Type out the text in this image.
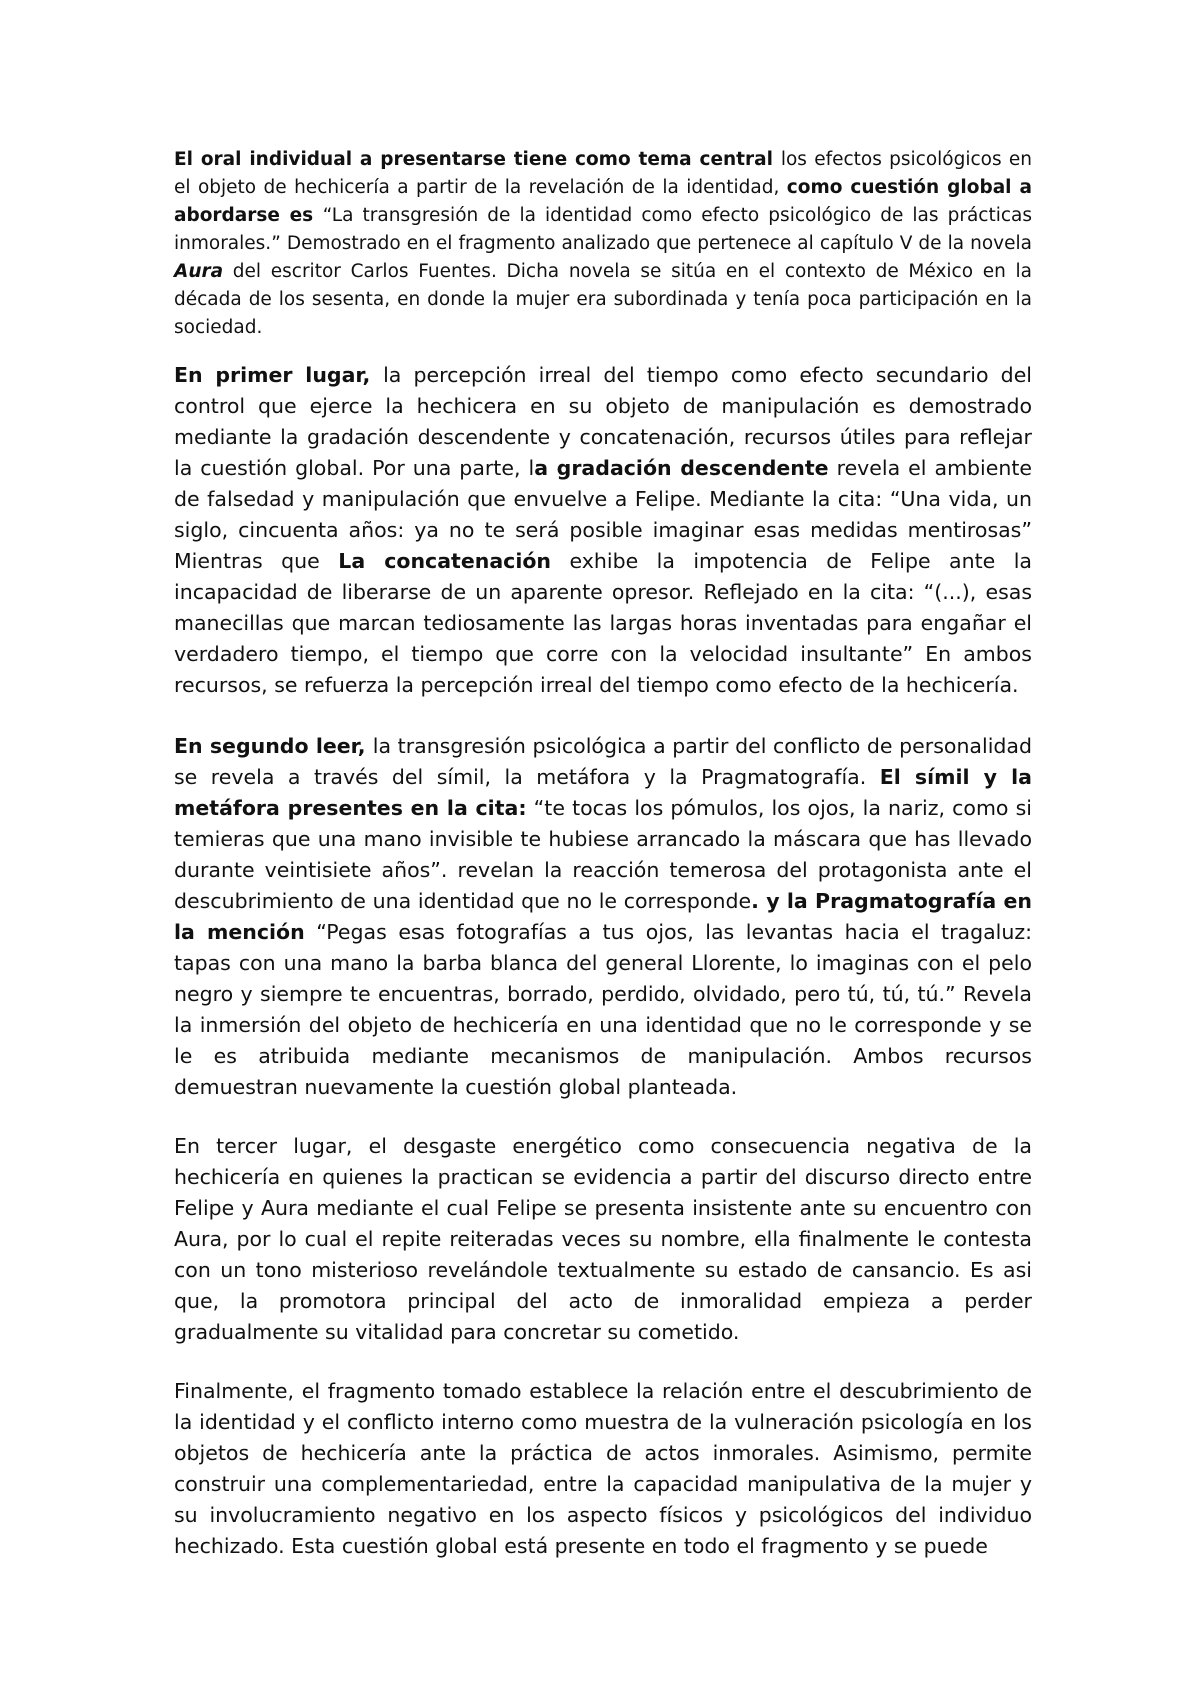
El oral individual a presentarse tiene como tema central los efectos psicológicos en el objeto de hechicería a partir de la revelación de la identidad, como cuestión global a abordarse es “La transgresión de la identidad como efecto psicológico de las prácticas inmorales.” Demostrado en el fragmento analizado que pertenece al capítulo V de la novela Aura del escritor Carlos Fuentes. Dicha novela se sitúa en el contexto de México en la década de los sesenta, en donde la mujer era subordinada y tenía poca participación en la sociedad.

En primer lugar, la percepción irreal del tiempo como efecto secundario del control que ejerce la hechicera en su objeto de manipulación es demostrado mediante la gradación descendente y concatenación, recursos útiles para reflejar la cuestión global. Por una parte, la gradación descendente revela el ambiente de falsedad y manipulación que envuelve a Felipe. Mediante la cita: “Una vida, un siglo, cincuenta años: ya no te será posible imaginar esas medidas mentirosas” Mientras que La concatenación exhibe la impotencia de Felipe ante la incapacidad de liberarse de un aparente opresor. Reflejado en la cita: “(...), esas manecillas que marcan tediosamente las largas horas inventadas para engañar el verdadero tiempo, el tiempo que corre con la velocidad insultante” En ambos recursos, se refuerza la percepción irreal del tiempo como efecto de la hechicería.

En segundo leer, la transgresión psicológica a partir del conflicto de personalidad se revela a través del símil, la metáfora y la Pragmatografía. El símil y la metáfora presentes en la cita: “te tocas los pómulos, los ojos, la nariz, como si temieras que una mano invisible te hubiese arrancado la máscara que has llevado durante veintisiete años”. revelan la reacción temerosa del protagonista ante el descubrimiento de una identidad que no le corresponde. y la Pragmatografía en la mención “Pegas esas fotografías a tus ojos, las levantas hacia el tragaluz: tapas con una mano la barba blanca del general Llorente, lo imaginas con el pelo negro y siempre te encuentras, borrado, perdido, olvidado, pero tú, tú, tú.” Revela la inmersión del objeto de hechicería en una identidad que no le corresponde y se le es atribuida mediante mecanismos de manipulación. Ambos recursos demuestran nuevamente la cuestión global planteada.

En tercer lugar, el desgaste energético como consecuencia negativa de la hechicería en quienes la practican se evidencia a partir del discurso directo entre Felipe y Aura mediante el cual Felipe se presenta insistente ante su encuentro con Aura, por lo cual el repite reiteradas veces su nombre, ella finalmente le contesta con un tono misterioso revelándole textualmente su estado de cansancio. Es asi que, la promotora principal del acto de inmoralidad empieza a perder gradualmente su vitalidad para concretar su cometido.

Finalmente, el fragmento tomado establece la relación entre el descubrimiento de la identidad y el conflicto interno como muestra de la vulneración psicología en los objetos de hechicería ante la práctica de actos inmorales. Asimismo, permite construir una complementariedad, entre la capacidad manipulativa de la mujer y su involucramiento negativo en los aspecto físicos y psicológicos del individuo hechizado. Esta cuestión global está presente en todo el fragmento y se puede
